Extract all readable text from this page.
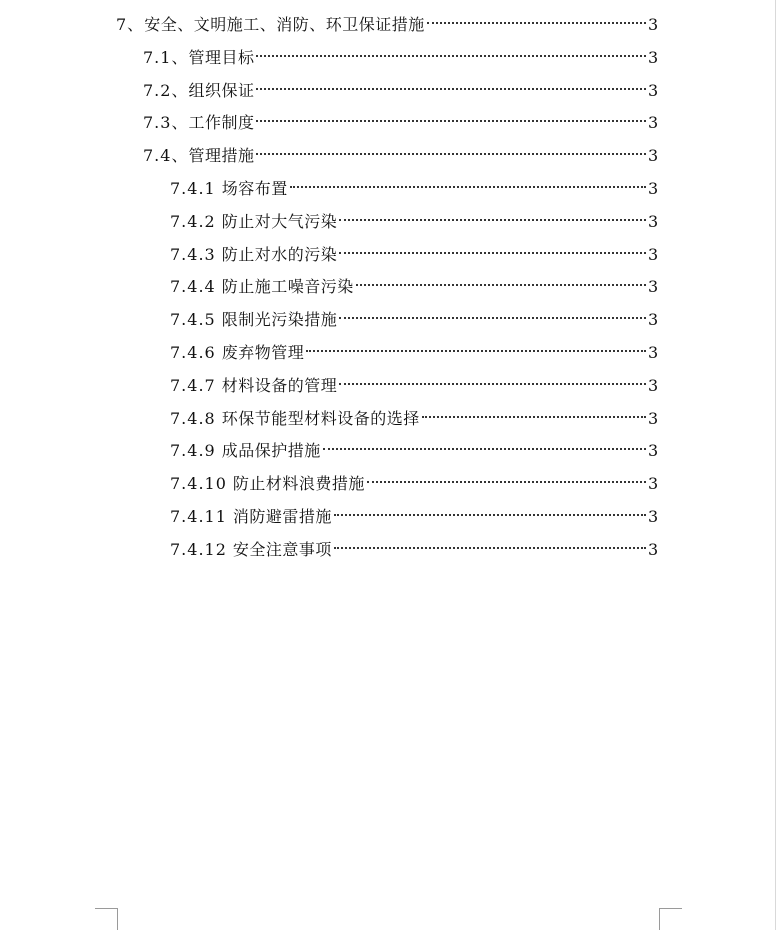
7、 安全、文明施工、消防、环卫保证措施	3
7.1、 管理目标	3
7.2、 组织保证	3
7.3、 工作制度	3
7.4、 管理措施	3
7.4.1 场容布置	3
7.4.2 防止对大气污染	3
7.4.3 防止对水的污染	3
7.4.4 防止施工噪音污染	3
7.4.5 限制光污染措施	3
7.4.6 废弃物管理	3
7.4.7 材料设备的管理	3
7.4.8 环保节能型材料设备的选择	3
7.4.9 成品保护措施	3
7.4.10 防止材料浪费措施	3
7.4.11 消防避雷措施	3
7.4.12 安全注意事项	3
